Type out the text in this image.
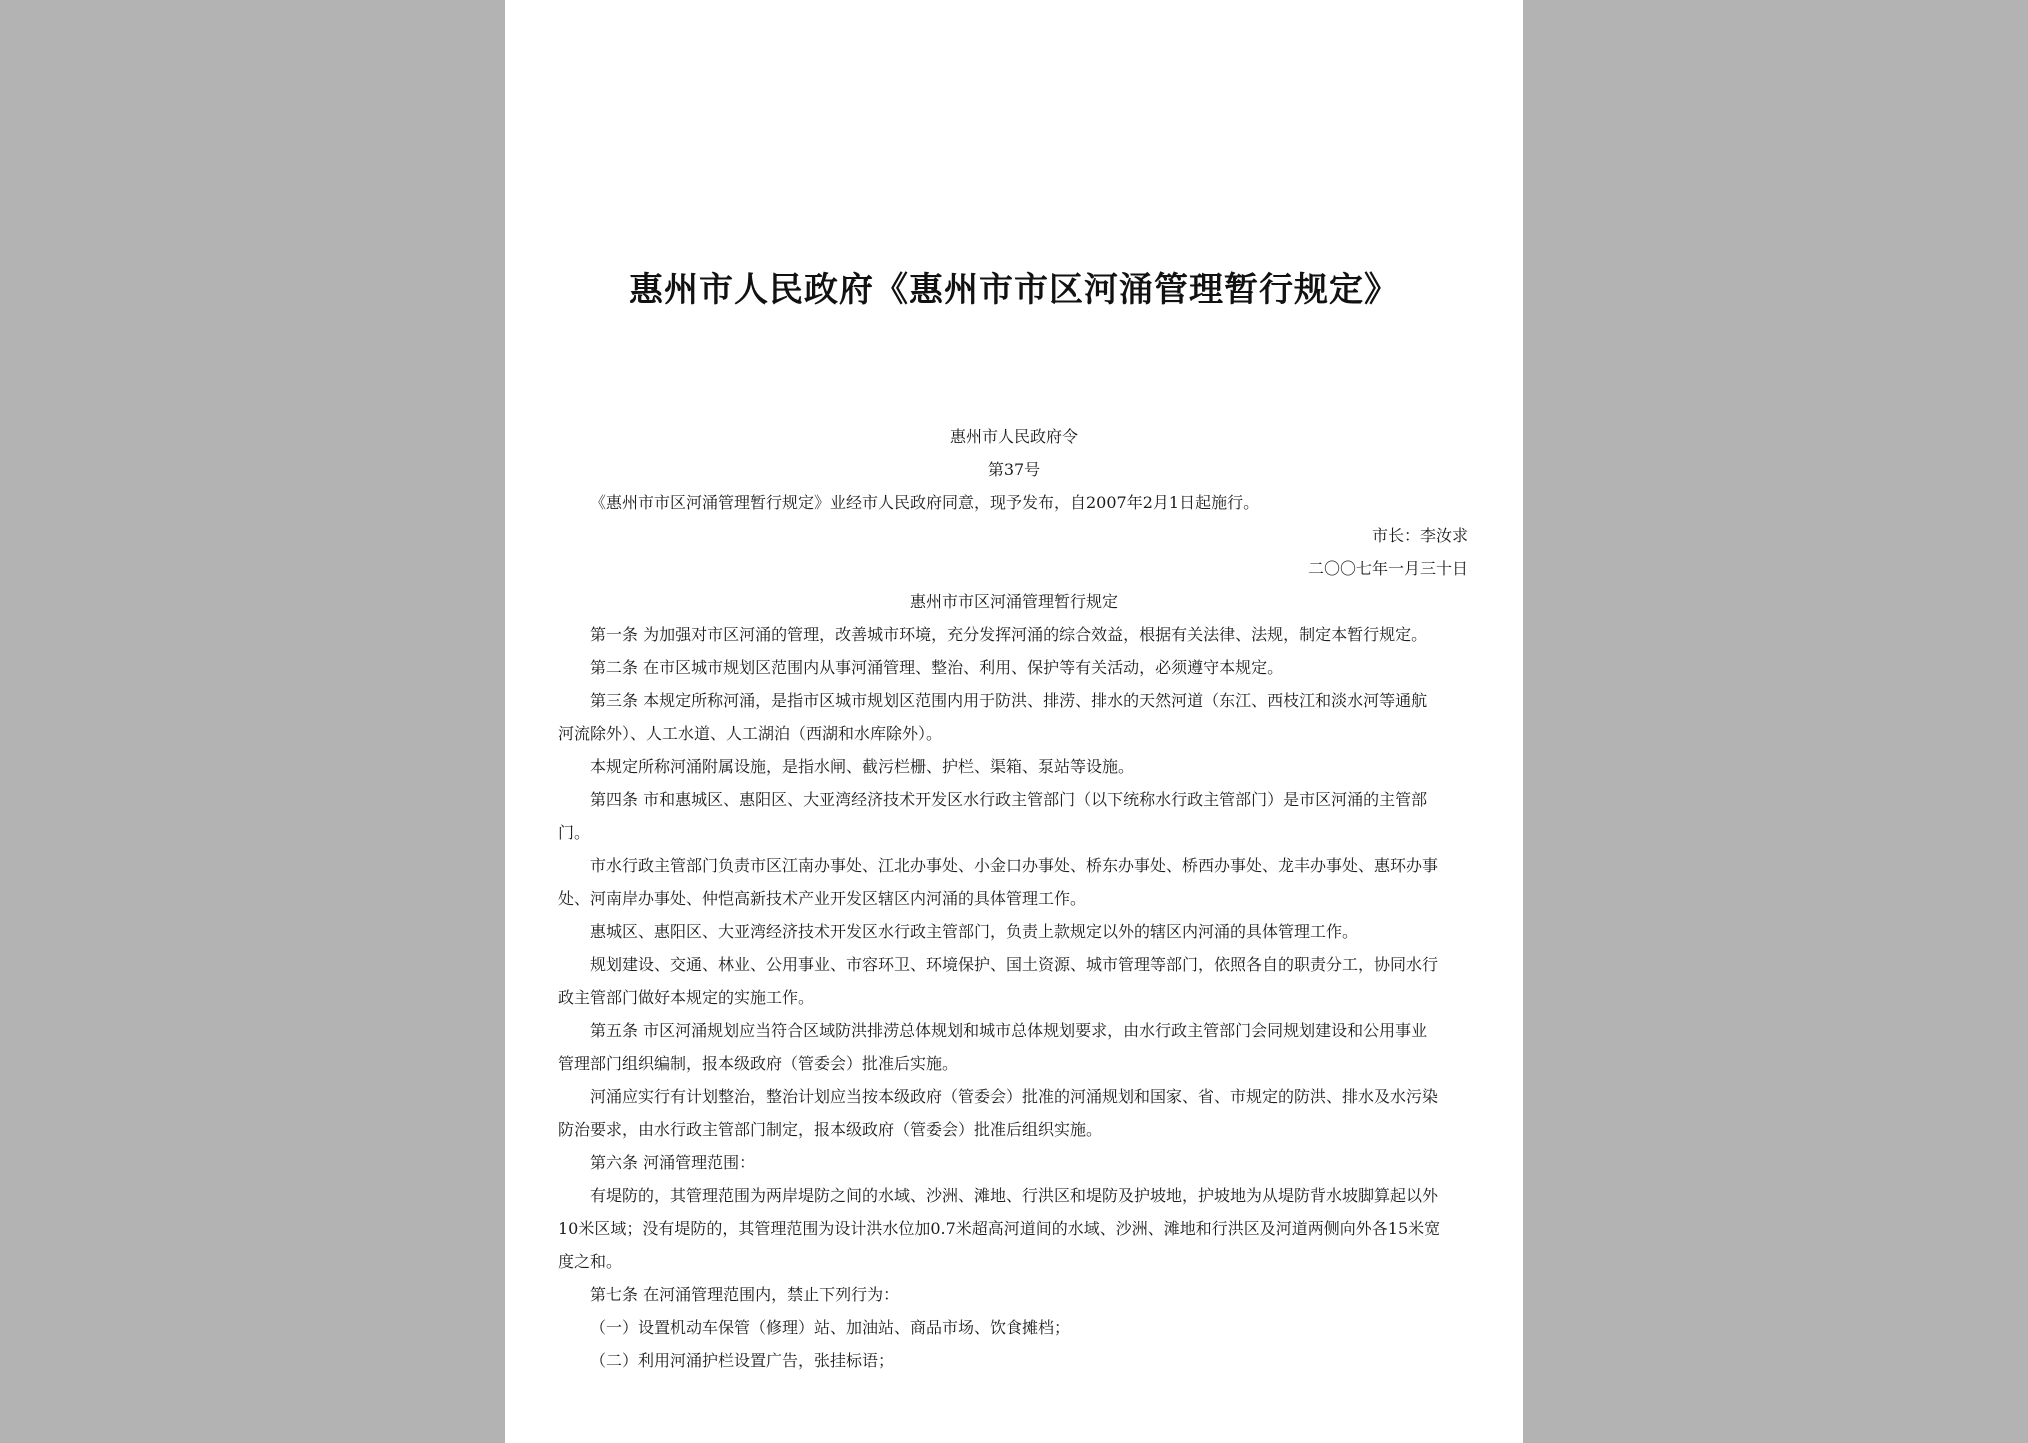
惠州市人民政府《惠州市市区河涌管理暂行规定》

惠州市人民政府令

第37号

《惠州市市区河涌管理暂行规定》业经市人民政府同意，现予发布，自2007年2月1日起施行。

市长：李汝求

二〇〇七年一月三十日

惠州市市区河涌管理暂行规定

第一条 为加强对市区河涌的管理，改善城市环境，充分发挥河涌的综合效益，根据有关法律、法规，制定本暂行规定。

第二条 在市区城市规划区范围内从事河涌管理、整治、利用、保护等有关活动，必须遵守本规定。

第三条 本规定所称河涌，是指市区城市规划区范围内用于防洪、排涝、排水的天然河道（东江、西枝江和淡水河等通航

河流除外）、人工水道、人工湖泊（西湖和水库除外）。

本规定所称河涌附属设施，是指水闸、截污栏栅、护栏、渠箱、泵站等设施。

第四条 市和惠城区、惠阳区、大亚湾经济技术开发区水行政主管部门（以下统称水行政主管部门）是市区河涌的主管部

门。

市水行政主管部门负责市区江南办事处、江北办事处、小金口办事处、桥东办事处、桥西办事处、龙丰办事处、惠环办事

处、河南岸办事处、仲恺高新技术产业开发区辖区内河涌的具体管理工作。

惠城区、惠阳区、大亚湾经济技术开发区水行政主管部门，负责上款规定以外的辖区内河涌的具体管理工作。

规划建设、交通、林业、公用事业、市容环卫、环境保护、国土资源、城市管理等部门，依照各自的职责分工，协同水行

政主管部门做好本规定的实施工作。

第五条 市区河涌规划应当符合区域防洪排涝总体规划和城市总体规划要求，由水行政主管部门会同规划建设和公用事业

管理部门组织编制，报本级政府（管委会）批准后实施。

河涌应实行有计划整治，整治计划应当按本级政府（管委会）批准的河涌规划和国家、省、市规定的防洪、排水及水污染

防治要求，由水行政主管部门制定，报本级政府（管委会）批准后组织实施。

第六条 河涌管理范围：

有堤防的，其管理范围为两岸堤防之间的水域、沙洲、滩地、行洪区和堤防及护坡地，护坡地为从堤防背水坡脚算起以外

10米区域；没有堤防的，其管理范围为设计洪水位加0.7米超高河道间的水域、沙洲、滩地和行洪区及河道两侧向外各15米宽

度之和。

第七条 在河涌管理范围内，禁止下列行为：

（一）设置机动车保管（修理）站、加油站、商品市场、饮食摊档；

（二）利用河涌护栏设置广告，张挂标语；
